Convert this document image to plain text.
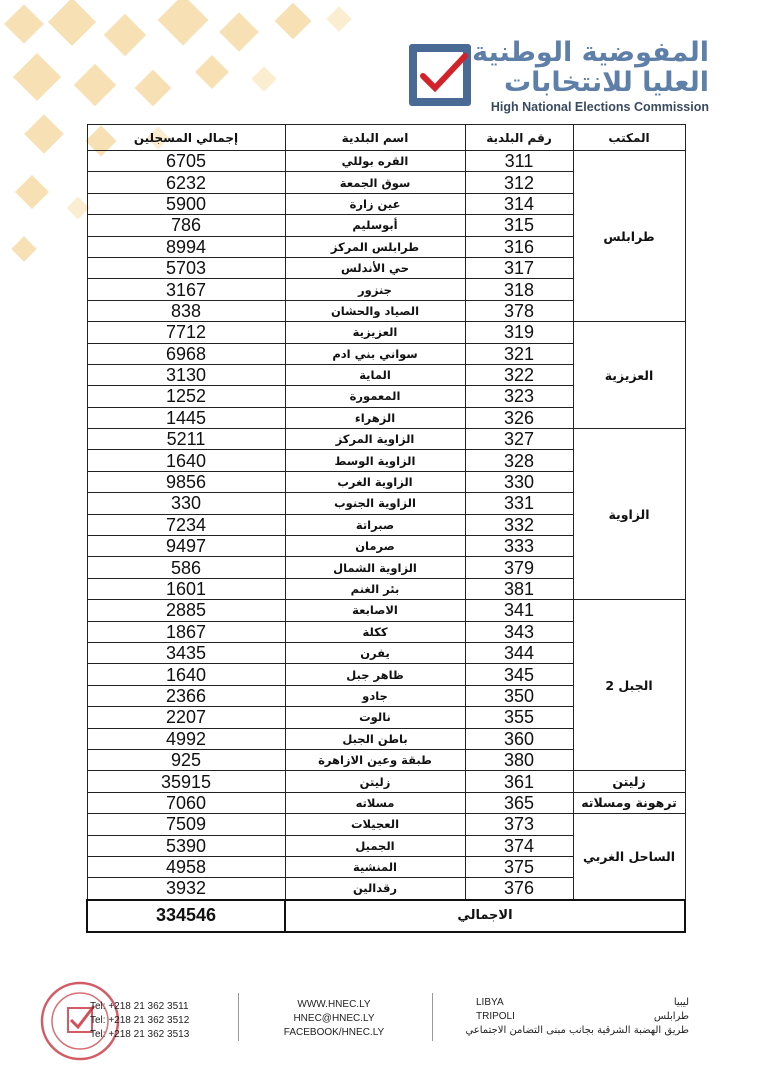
المفوضية الوطنية
العليا للانتخابات
High National Elections Commission
إجمالي المسجلين	اسم البلدية	رقم البلدية	المكتب
6705	القره بوللي	311	طرابلس
6232	سوق الجمعة	312	
5900	عين زارة	314	
786	أبوسليم	315	
8994	طرابلس المركز	316	
5703	حي الأندلس	317	
3167	جنزور	318	
838	الصياد والحشان	378	
7712	العزيزية	319	العزيزية
6968	سواني بني ادم	321	
3130	الماية	322	
1252	المعمورة	323	
1445	الزهراء	326	
5211	الزاوية المركز	327	الزاوية
1640	الزاوية الوسط	328	
9856	الزاوية الغرب	330	
330	الزاوية الجنوب	331	
7234	صبراتة	332	
9497	صرمان	333	
586	الزاوية الشمال	379	
1601	بئر الغنم	381	
2885	الاصابعة	341	الجبل 2
1867	ككلة	343	
3435	يفرن	344	
1640	ظاهر جبل	345	
2366	جادو	350	
2207	نالوت	355	
4992	باطن الجبل	360	
925	طبقة وعين الازاهرة	380	
35915	زليتن	361	زليتن
7060	مسلاته	365	ترهونة ومسلاته
7509	العجيلات	373	الساحل الغربي
5390	الجميل	374	
4958	المنشية	375	
3932	رقدالين	376	
334546	الاجمالي		
Tel: +218 21 362 3511
Tel: +218 21 362 3512
Tel: +218 21 362 3513
WWW.HNEC.LY
HNEC@HNEC.LY
FACEBOOK/HNEC.LY
LIBYA
TRIPOLI
ليبيا
طرابلس
طريق الهضبة الشرقية بجانب مبنى التضامن الاجتماعي
